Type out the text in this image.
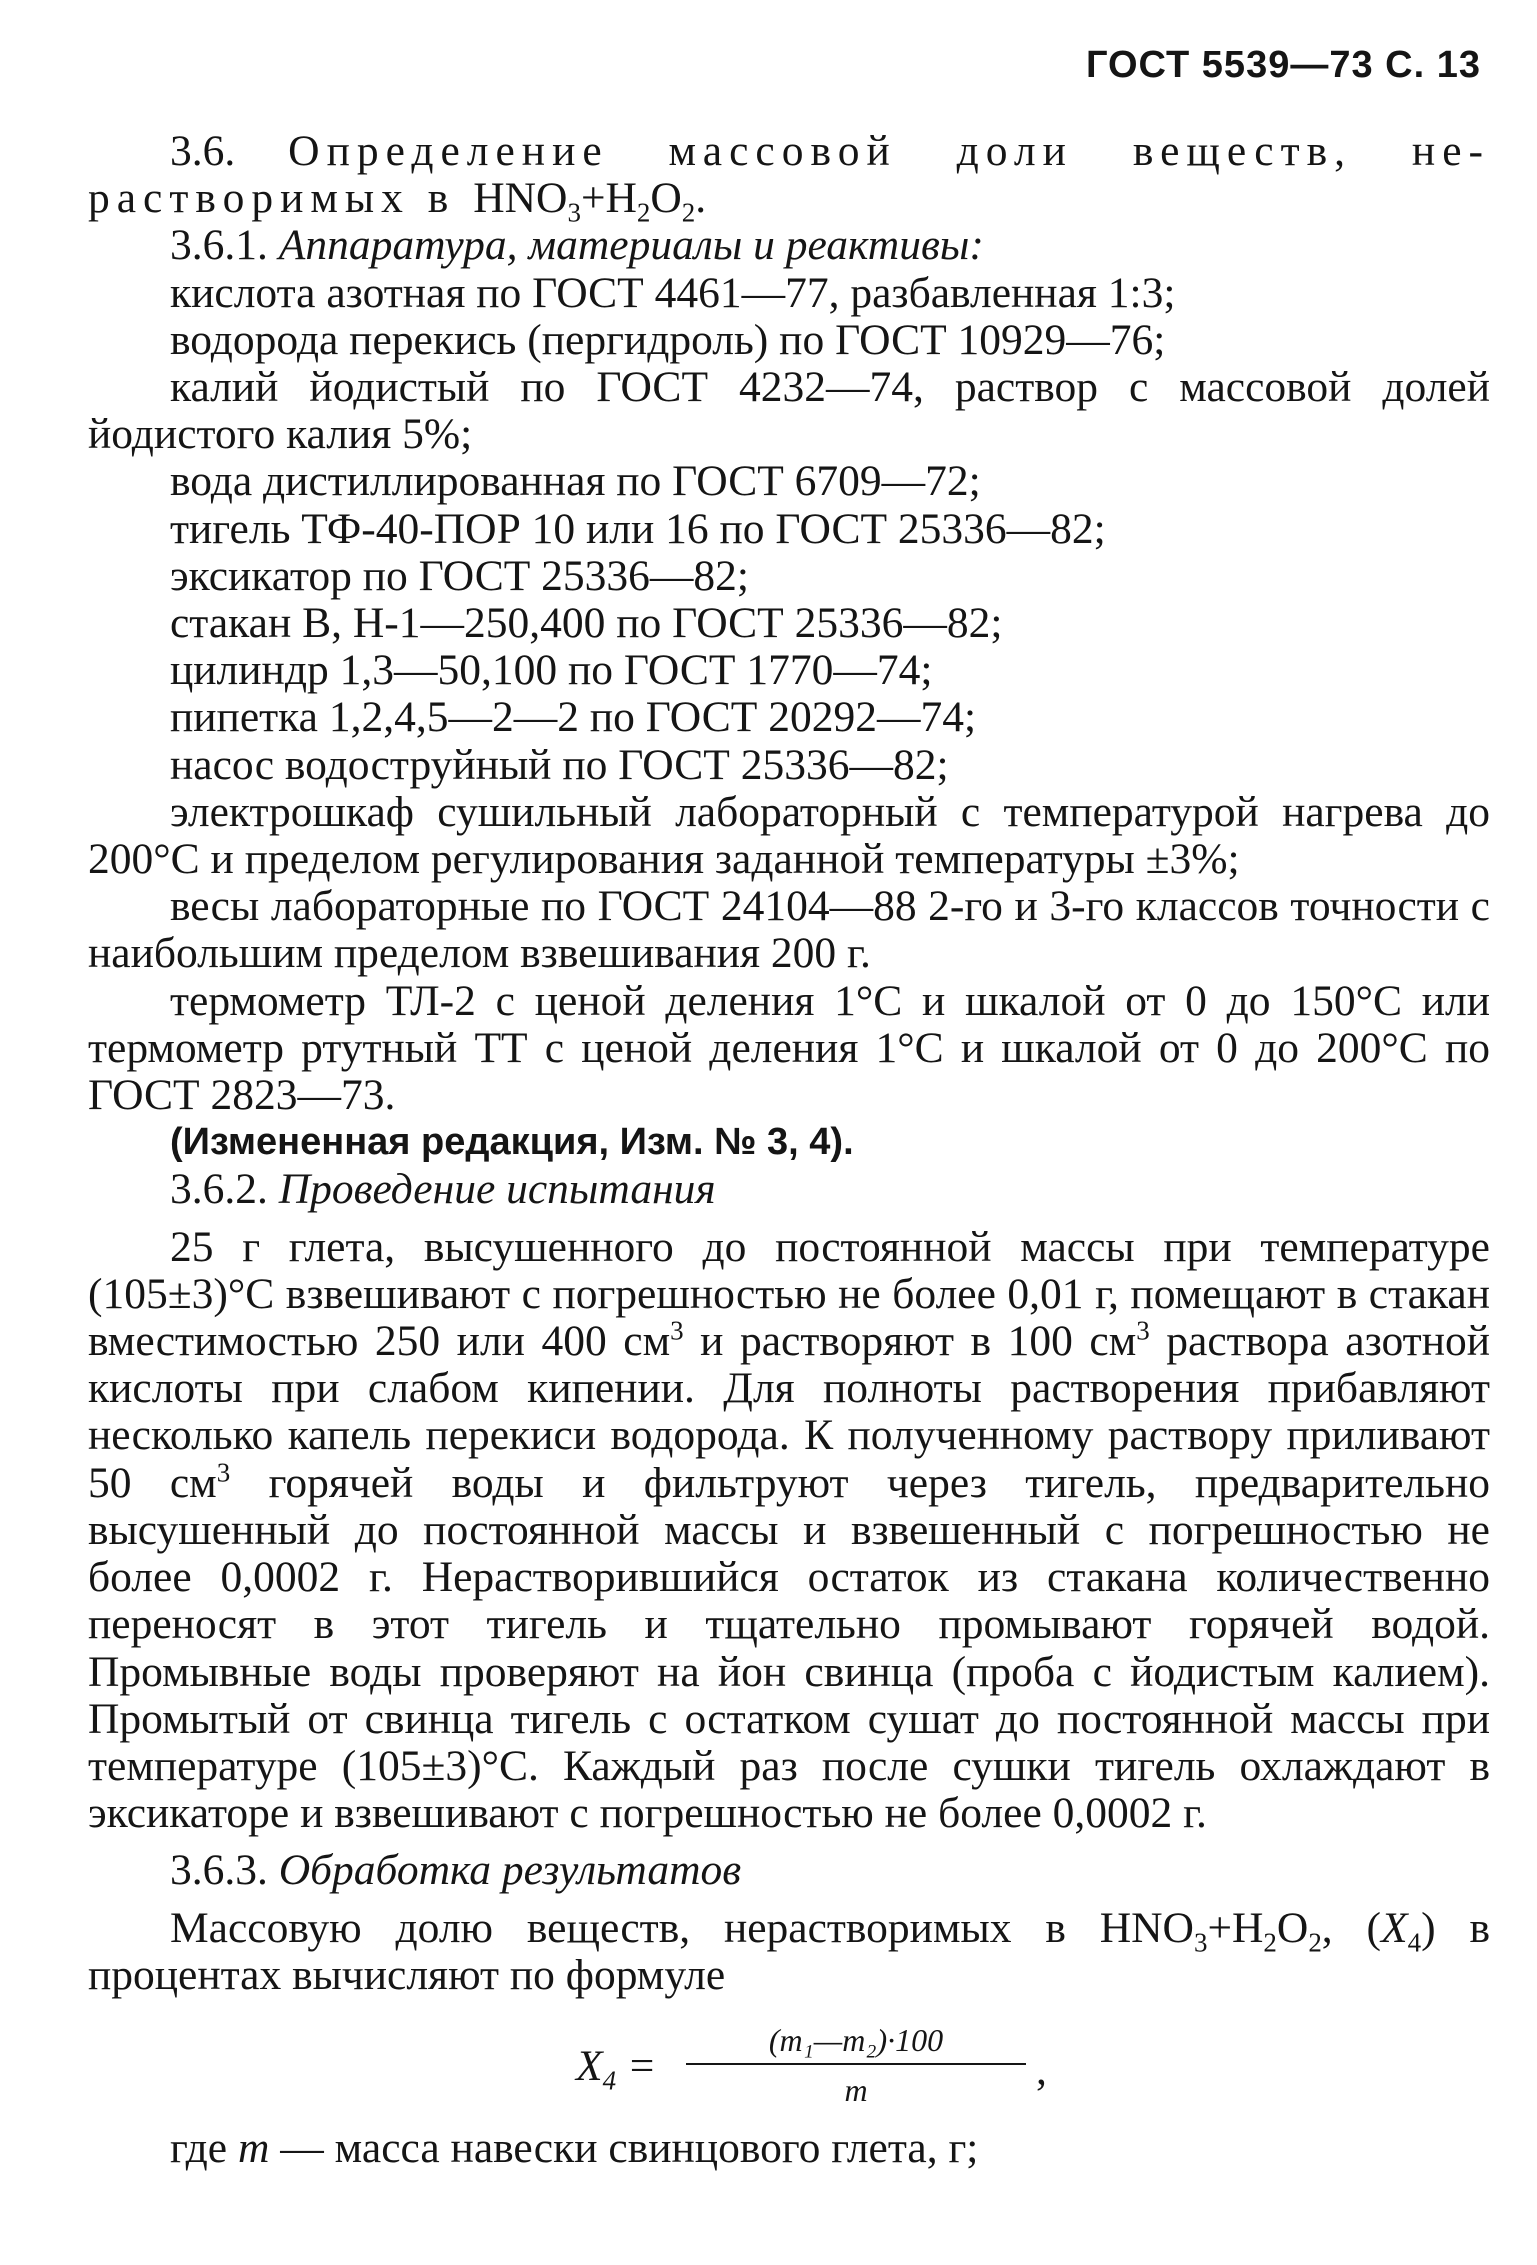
ГОСТ 5539—73 С. 13

3.6. Определение массовой доли веществ, не- растворимых в $HNO_3+H_2O_2$.

3.6.1. Аппаратура, материалы и реактивы:

кислота азотная по ГОСТ 4461—77, разбавленная 1:3;

водорода перекись (пергидроль) по ГОСТ 10929—76;

калий йодистый по ГОСТ 4232—74, раствор с массовой долей йодистого калия 5%;

вода дистиллированная по ГОСТ 6709—72;

тигель ТФ-40-ПОР 10 или 16 по ГОСТ 25336—82;

эксикатор по ГОСТ 25336—82;

стакан В, Н-1—250,400 по ГОСТ 25336—82;

цилиндр 1,3—50,100 по ГОСТ 1770—74;

пипетка 1,2,4,5—2—2 по ГОСТ 20292—74;

насос водоструйный по ГОСТ 25336—82;

электрошкаф сушильный лабораторный с температурой нагрева до 200°С и пределом регулирования заданной температуры ±3%;

весы лабораторные по ГОСТ 24104—88 2-го и 3-го классов точности с наибольшим пределом взвешивания 200 г.

термометр ТЛ-2 с ценой деления 1°С и шкалой от 0 до 150°С или термометр ртутный ТТ с ценой деления 1°С и шкалой от 0 до 200°С по ГОСТ 2823—73.

(Измененная редакция, Изм. № 3, 4).

3.6.2. Проведение испытания

25 г глета, высушенного до постоянной массы при температуре (105±3)°С взвешивают с погрешностью не более 0,01 г, помещают в стакан вместимостью 250 или 400 $см^3$ и растворяют в 100 $см^3$ раствора азотной кислоты при слабом кипении. Для полноты растворения прибавляют несколько капель перекиси водорода. К полученному раствору приливают 50 $см^3$ горячей воды и фильтруют через тигель, предварительно высушенный до постоянной массы и взвешенный с погрешностью не более 0,0002 г. Нерастворившийся остаток из стакана количественно переносят в этот тигель и тщательно промывают горячей водой. Промывные воды проверяют на йон свинца (проба с йодистым калием). Промытый от свинца тигель с остатком сушат до постоянной массы при температуре (105±3)°С. Каждый раз после сушки тигель охлаждают в эксикаторе и взвешивают с погрешностью не более 0,0002 г.

3.6.3. Обработка результатов

Массовую долю веществ, нерастворимых в $HNO_3+H_2O_2$, $(X_4)$ в процентах вычисляют по формуле

$X_4$ =
(m₁—m₂)·100
m	,

где m — масса навески свинцового глета, г;
